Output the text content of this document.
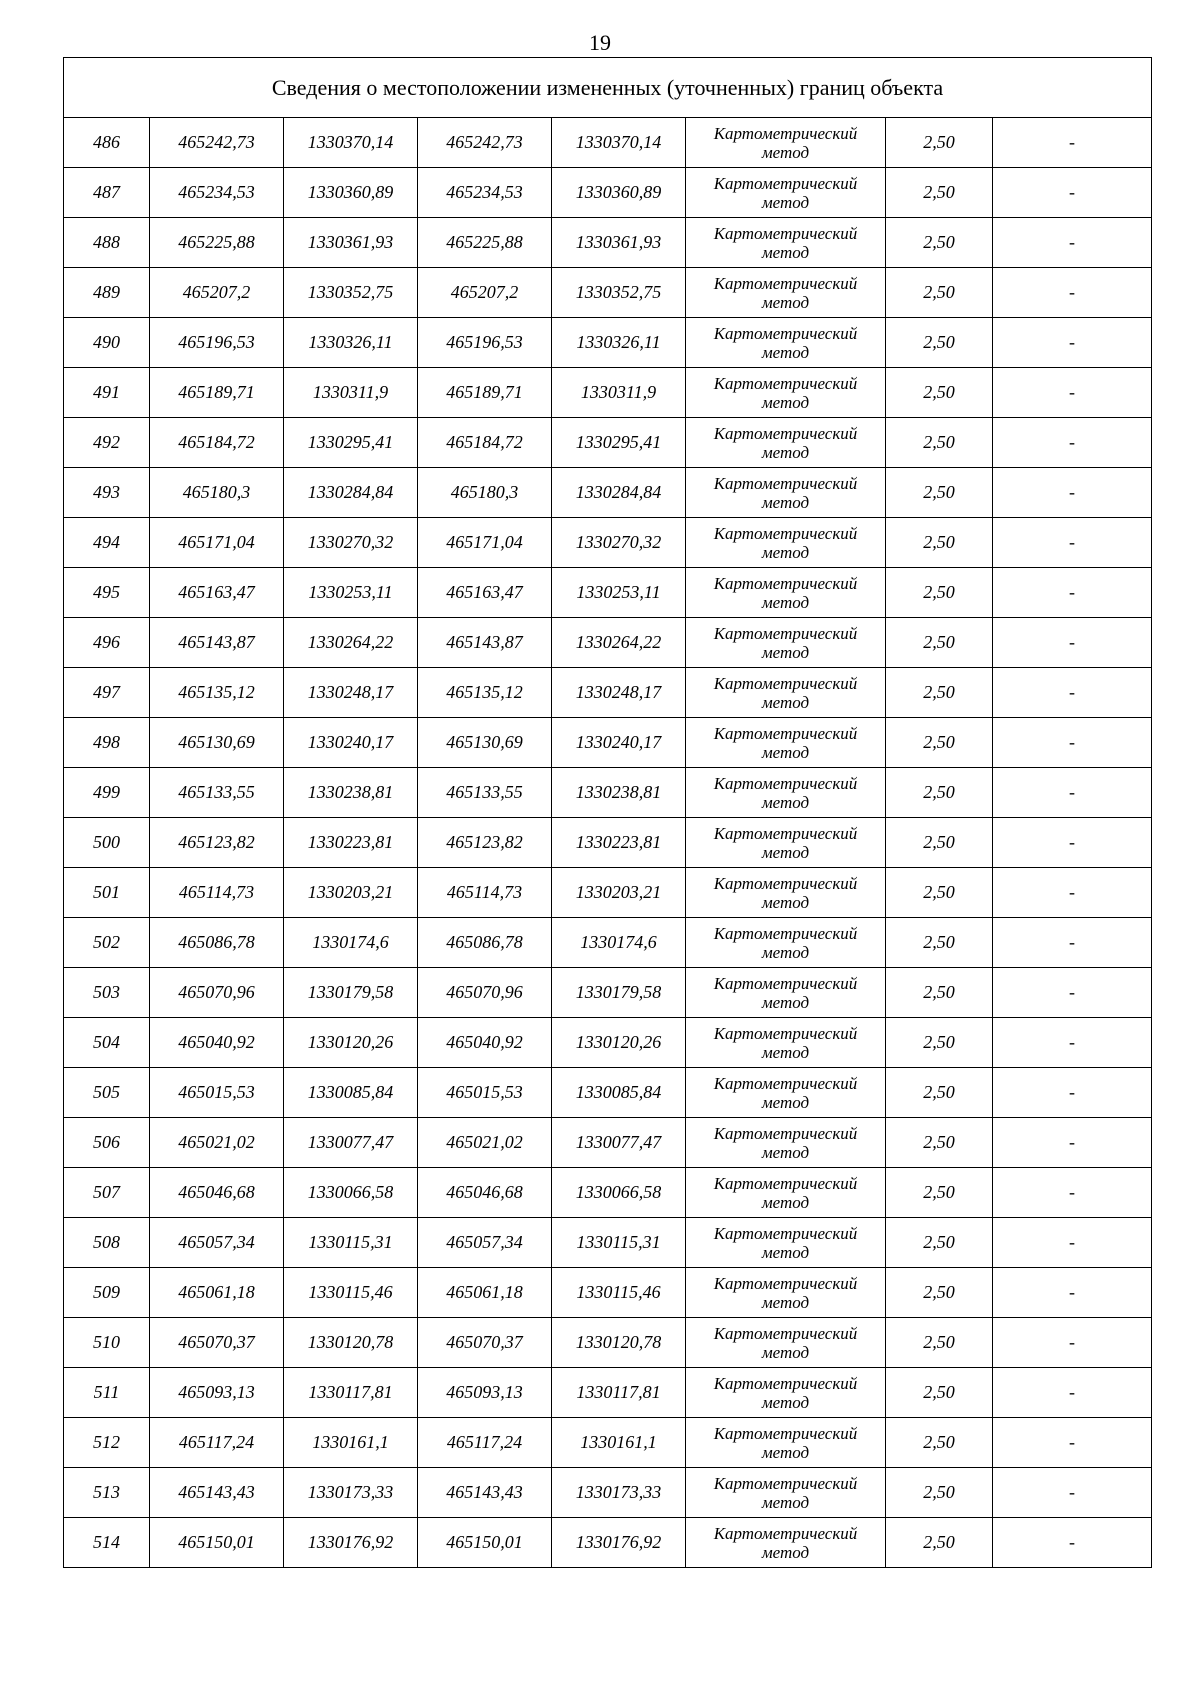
19
Сведения о местоположении измененных (уточненных) границ объекта							
486	465242,73	1330370,14	465242,73	1330370,14	Картометрический
метод	2,50	-
487	465234,53	1330360,89	465234,53	1330360,89	Картометрический
метод	2,50	-
488	465225,88	1330361,93	465225,88	1330361,93	Картометрический
метод	2,50	-
489	465207,2	1330352,75	465207,2	1330352,75	Картометрический
метод	2,50	-
490	465196,53	1330326,11	465196,53	1330326,11	Картометрический
метод	2,50	-
491	465189,71	1330311,9	465189,71	1330311,9	Картометрический
метод	2,50	-
492	465184,72	1330295,41	465184,72	1330295,41	Картометрический
метод	2,50	-
493	465180,3	1330284,84	465180,3	1330284,84	Картометрический
метод	2,50	-
494	465171,04	1330270,32	465171,04	1330270,32	Картометрический
метод	2,50	-
495	465163,47	1330253,11	465163,47	1330253,11	Картометрический
метод	2,50	-
496	465143,87	1330264,22	465143,87	1330264,22	Картометрический
метод	2,50	-
497	465135,12	1330248,17	465135,12	1330248,17	Картометрический
метод	2,50	-
498	465130,69	1330240,17	465130,69	1330240,17	Картометрический
метод	2,50	-
499	465133,55	1330238,81	465133,55	1330238,81	Картометрический
метод	2,50	-
500	465123,82	1330223,81	465123,82	1330223,81	Картометрический
метод	2,50	-
501	465114,73	1330203,21	465114,73	1330203,21	Картометрический
метод	2,50	-
502	465086,78	1330174,6	465086,78	1330174,6	Картометрический
метод	2,50	-
503	465070,96	1330179,58	465070,96	1330179,58	Картометрический
метод	2,50	-
504	465040,92	1330120,26	465040,92	1330120,26	Картометрический
метод	2,50	-
505	465015,53	1330085,84	465015,53	1330085,84	Картометрический
метод	2,50	-
506	465021,02	1330077,47	465021,02	1330077,47	Картометрический
метод	2,50	-
507	465046,68	1330066,58	465046,68	1330066,58	Картометрический
метод	2,50	-
508	465057,34	1330115,31	465057,34	1330115,31	Картометрический
метод	2,50	-
509	465061,18	1330115,46	465061,18	1330115,46	Картометрический
метод	2,50	-
510	465070,37	1330120,78	465070,37	1330120,78	Картометрический
метод	2,50	-
511	465093,13	1330117,81	465093,13	1330117,81	Картометрический
метод	2,50	-
512	465117,24	1330161,1	465117,24	1330161,1	Картометрический
метод	2,50	-
513	465143,43	1330173,33	465143,43	1330173,33	Картометрический
метод	2,50	-
514	465150,01	1330176,92	465150,01	1330176,92	Картометрический
метод	2,50	-
